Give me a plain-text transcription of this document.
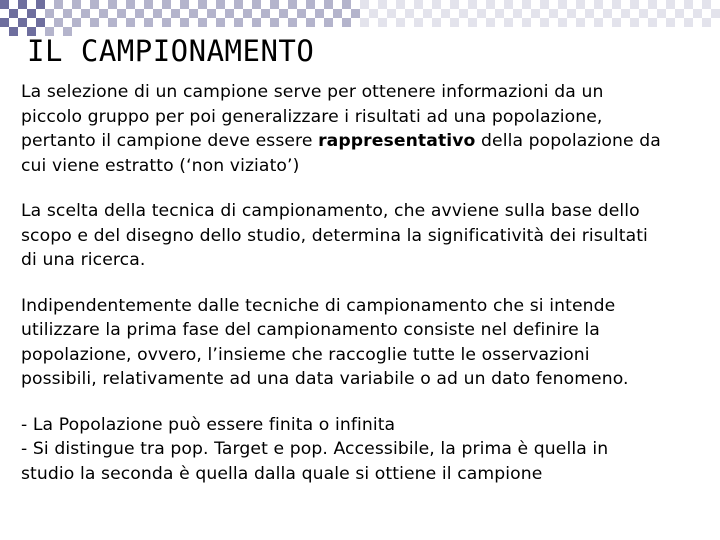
IL CAMPIONAMENTO

La selezione di un campione serve per ottenere informazioni da un
piccolo gruppo per poi generalizzare i risultati ad una popolazione,
pertanto il campione deve essere rappresentativo della popolazione da
cui viene estratto (‘non viziato’)

La scelta della tecnica di campionamento, che avviene sulla base dello
scopo e del disegno dello studio, determina la significatività dei risultati
di una ricerca.

Indipendentemente dalle tecniche di campionamento che si intende
utilizzare la prima fase del campionamento consiste nel definire la
popolazione, ovvero, l’insieme che raccoglie tutte le osservazioni
possibili, relativamente ad una data variabile o ad un dato fenomeno.

- La Popolazione può essere finita o infinita
- Si distingue tra pop. Target e pop. Accessibile, la prima è quella in
studio la seconda è quella dalla quale si ottiene il campione
